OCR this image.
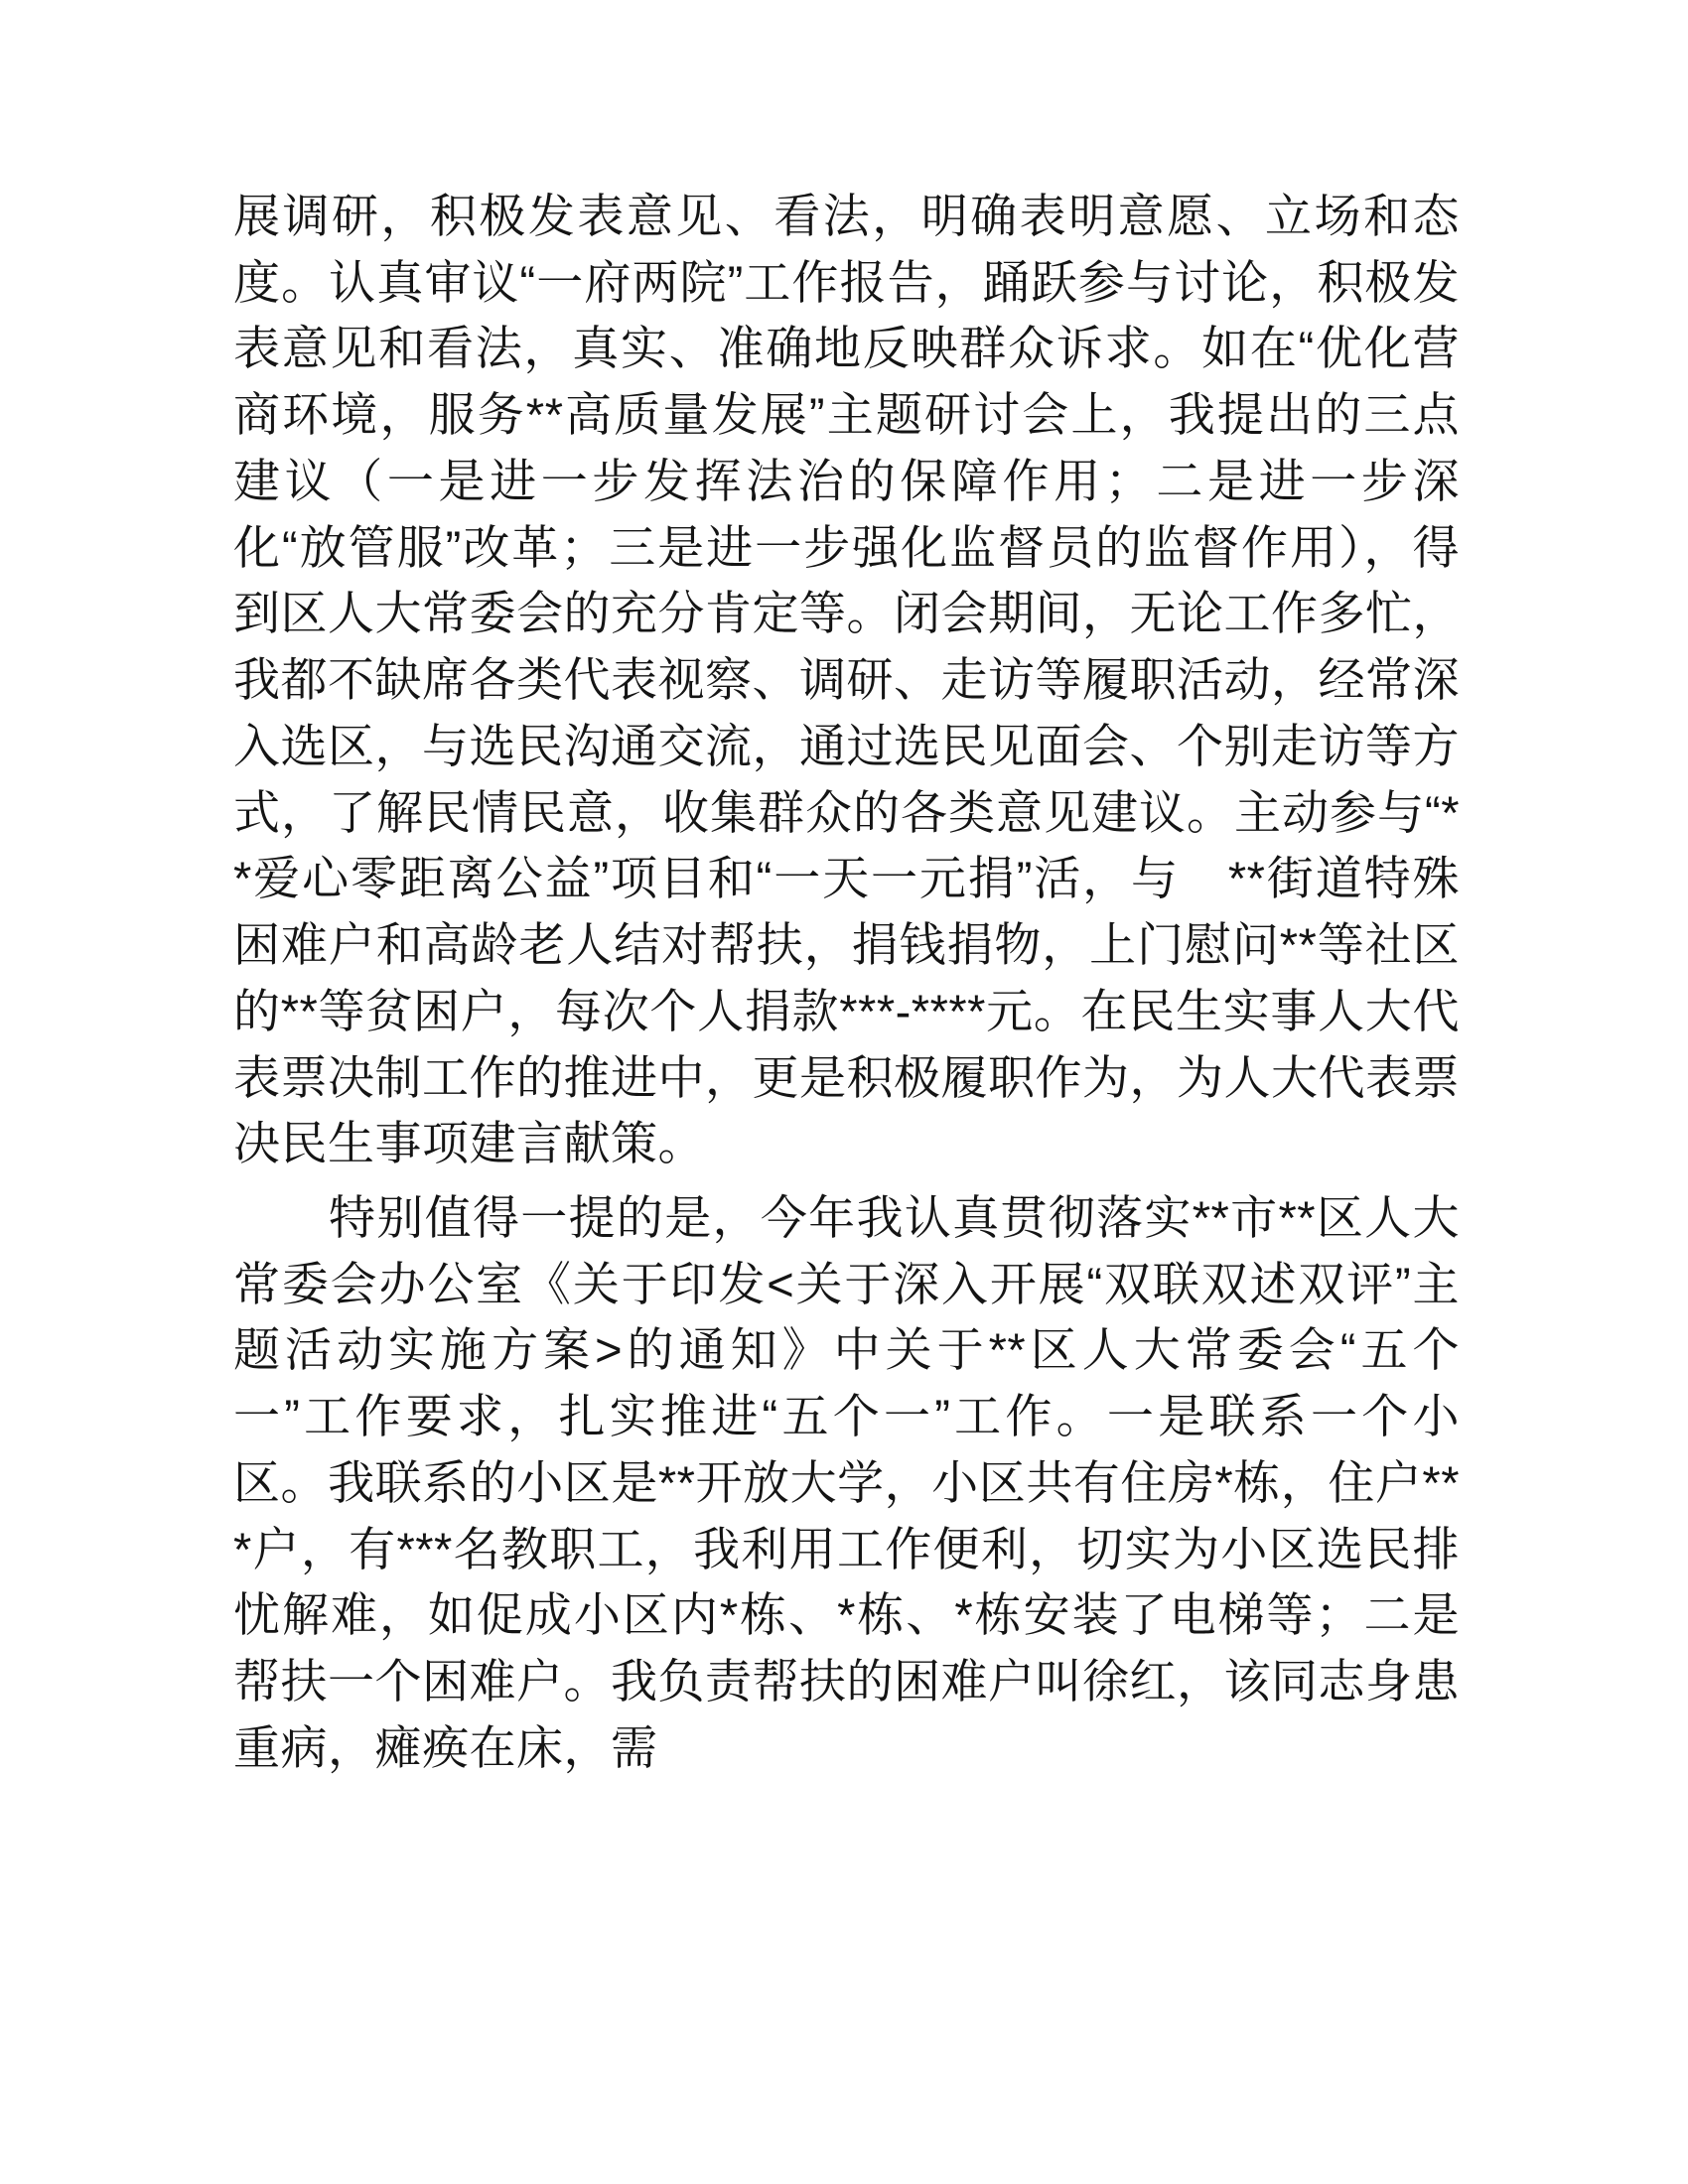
展调研，积极发表意见、看法，明确表明意愿、立场和态度。认真审议“一府两院”工作报告，踊跃参与讨论，积极发表意见和看法，真实、准确地反映群众诉求。如在“优化营商环境，服务**高质量发展”主题研讨会上，我提出的三点建议（一是进一步发挥法治的保障作用；二是进一步深化“放管服”改革；三是进一步强化监督员的监督作用），得到区人大常委会的充分肯定等。闭会期间，无论工作多忙，我都不缺席各类代表视察、调研、走访等履职活动，经常深入选区，与选民沟通交流，通过选民见面会、个别走访等方式，了解民情民意，收集群众的各类意见建议。主动参与“**爱心零距离公益”项目和“一天一元捐”活，与　**街道特殊困难户和高龄老人结对帮扶，捐钱捐物，上门慰问**等社区的**等贫困户，每次个人捐款***-****元。在民生实事人大代表票决制工作的推进中，更是积极履职作为，为人大代表票决民生事项建言献策。

特别值得一提的是，今年我认真贯彻落实**市**区人大常委会办公室《关于印发<关于深入开展“双联双述双评”主题活动实施方案>的通知》中关于**区人大常委会“五个一”工作要求，扎实推进“五个一”工作。一是联系一个小区。我联系的小区是**开放大学，小区共有住房*栋，住户***户，有***名教职工，我利用工作便利，切实为小区选民排忧解难，如促成小区内*栋、*栋、*栋安装了电梯等；二是帮扶一个困难户。我负责帮扶的困难户叫徐红，该同志身患重病，瘫痪在床，需
